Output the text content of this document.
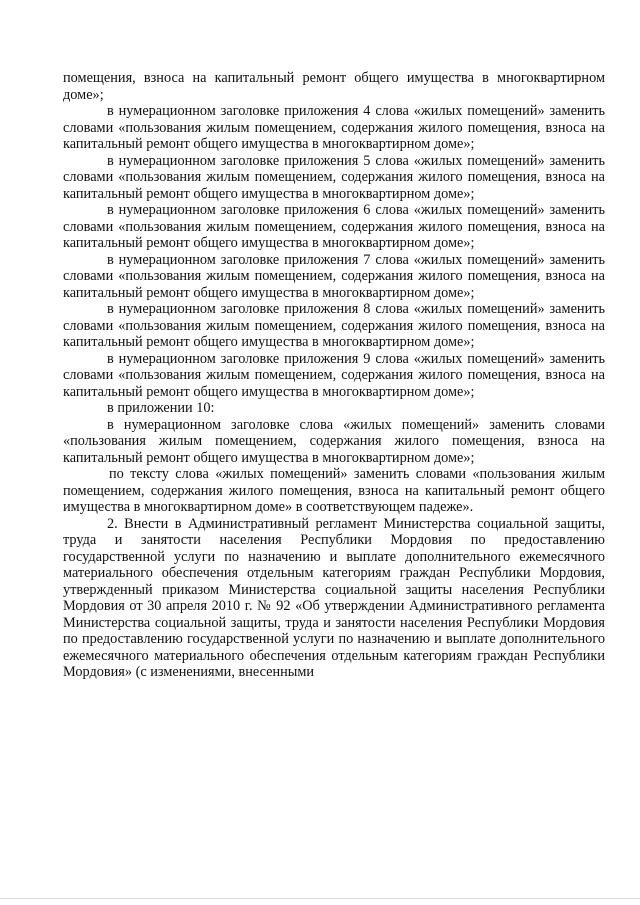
помещения, взноса на капитальный ремонт общего имущества в многоквартирном доме»;

в нумерационном заголовке приложения 4 слова «жилых помещений» заменить словами «пользования жилым помещением, содержания жилого помещения, взноса на капитальный ремонт общего имущества в многоквартирном доме»;

в нумерационном заголовке приложения 5 слова «жилых помещений» заменить словами «пользования жилым помещением, содержания жилого помещения, взноса на капитальный ремонт общего имущества в многоквартирном доме»;

в нумерационном заголовке приложения 6 слова «жилых помещений» заменить словами «пользования жилым помещением, содержания жилого помещения, взноса на капитальный ремонт общего имущества в многоквартирном доме»;

в нумерационном заголовке приложения 7 слова «жилых помещений» заменить словами «пользования жилым помещением, содержания жилого помещения, взноса на капитальный ремонт общего имущества в многоквартирном доме»;

в нумерационном заголовке приложения 8 слова «жилых помещений» заменить словами «пользования жилым помещением, содержания жилого помещения, взноса на капитальный ремонт общего имущества в многоквартирном доме»;

в нумерационном заголовке приложения 9 слова «жилых помещений» заменить словами «пользования жилым помещением, содержания жилого помещения, взноса на капитальный ремонт общего имущества в многоквартирном доме»;

в приложении 10:

в нумерационном заголовке слова «жилых помещений» заменить словами «пользования жилым помещением, содержания жилого помещения, взноса на капитальный ремонт общего имущества в многоквартирном доме»;

по тексту слова «жилых помещений» заменить словами «пользования жилым помещением, содержания жилого помещения, взноса на капитальный ремонт общего имущества в многоквартирном доме» в соответствующем падеже».

2. Внести в Административный регламент Министерства социальной защиты, труда и занятости населения Республики Мордовия по предоставлению государственной услуги по назначению и выплате дополнительного ежемесячного материального обеспечения отдельным категориям граждан Республики Мордовия, утвержденный приказом Министерства социальной защиты населения Республики Мордовия от 30 апреля 2010 г. № 92 «Об утверждении Административного регламента Министерства социальной защиты, труда и занятости населения Республики Мордовия по предоставлению государственной услуги по назначению и выплате дополнительного ежемесячного материального обеспечения отдельным категориям граждан Республики Мордовия» (с изменениями, внесенными
